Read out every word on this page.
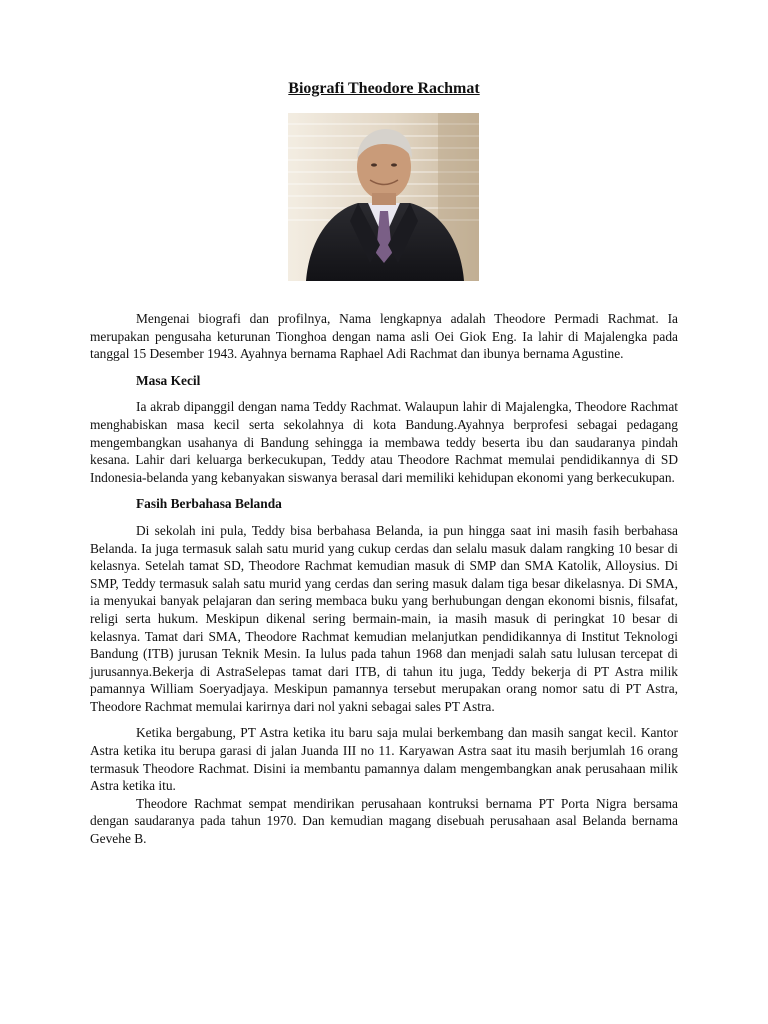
Biografi Theodore Rachmat

Mengenai biografi dan profilnya, Nama lengkapnya adalah Theodore Permadi Rachmat. Ia merupakan pengusaha keturunan Tionghoa dengan nama asli Oei Giok Eng. Ia lahir di Majalengka pada tanggal 15 Desember 1943. Ayahnya bernama Raphael Adi Rachmat dan ibunya bernama Agustine.

Masa Kecil

Ia akrab dipanggil dengan nama Teddy Rachmat. Walaupun lahir di Majalengka, Theodore Rachmat menghabiskan masa kecil serta sekolahnya di kota Bandung.Ayahnya berprofesi sebagai pedagang mengembangkan usahanya di Bandung sehingga ia membawa teddy beserta ibu dan saudaranya pindah kesana. Lahir dari keluarga berkecukupan, Teddy atau Theodore Rachmat memulai pendidikannya di SD Indonesia-belanda yang kebanyakan siswanya berasal dari memiliki kehidupan ekonomi yang berkecukupan.

Fasih Berbahasa Belanda

Di sekolah ini pula, Teddy bisa berbahasa Belanda, ia pun hingga saat ini masih fasih berbahasa Belanda. Ia juga termasuk salah satu murid yang cukup cerdas dan selalu masuk dalam rangking 10 besar di kelasnya. Setelah tamat SD, Theodore Rachmat kemudian masuk di SMP dan SMA Katolik, Alloysius. Di SMP, Teddy termasuk salah satu murid yang cerdas dan sering masuk dalam tiga besar dikelasnya. Di SMA, ia menyukai banyak pelajaran dan sering membaca buku yang berhubungan dengan ekonomi bisnis, filsafat, religi serta hukum. Meskipun dikenal sering bermain-main, ia masih masuk di peringkat 10 besar di kelasnya. Tamat dari SMA, Theodore Rachmat kemudian melanjutkan pendidikannya di Institut Teknologi Bandung (ITB) jurusan Teknik Mesin. Ia lulus pada tahun 1968 dan menjadi salah satu lulusan tercepat di jurusannya.Bekerja di AstraSelepas tamat dari ITB, di tahun itu juga, Teddy bekerja di PT Astra milik pamannya William Soeryadjaya. Meskipun pamannya tersebut merupakan orang nomor satu di PT Astra, Theodore Rachmat memulai karirnya dari nol yakni sebagai sales PT Astra.

Ketika bergabung, PT Astra ketika itu baru saja mulai berkembang dan masih sangat kecil. Kantor Astra ketika itu berupa garasi di jalan Juanda III no 11. Karyawan Astra saat itu masih berjumlah 16 orang termasuk Theodore Rachmat. Disini ia membantu pamannya dalam mengembangkan anak perusahaan milik Astra ketika itu.

Theodore Rachmat sempat mendirikan perusahaan kontruksi bernama PT Porta Nigra bersama dengan saudaranya pada tahun 1970. Dan kemudian magang disebuah perusahaan asal Belanda bernama Gevehe B.
